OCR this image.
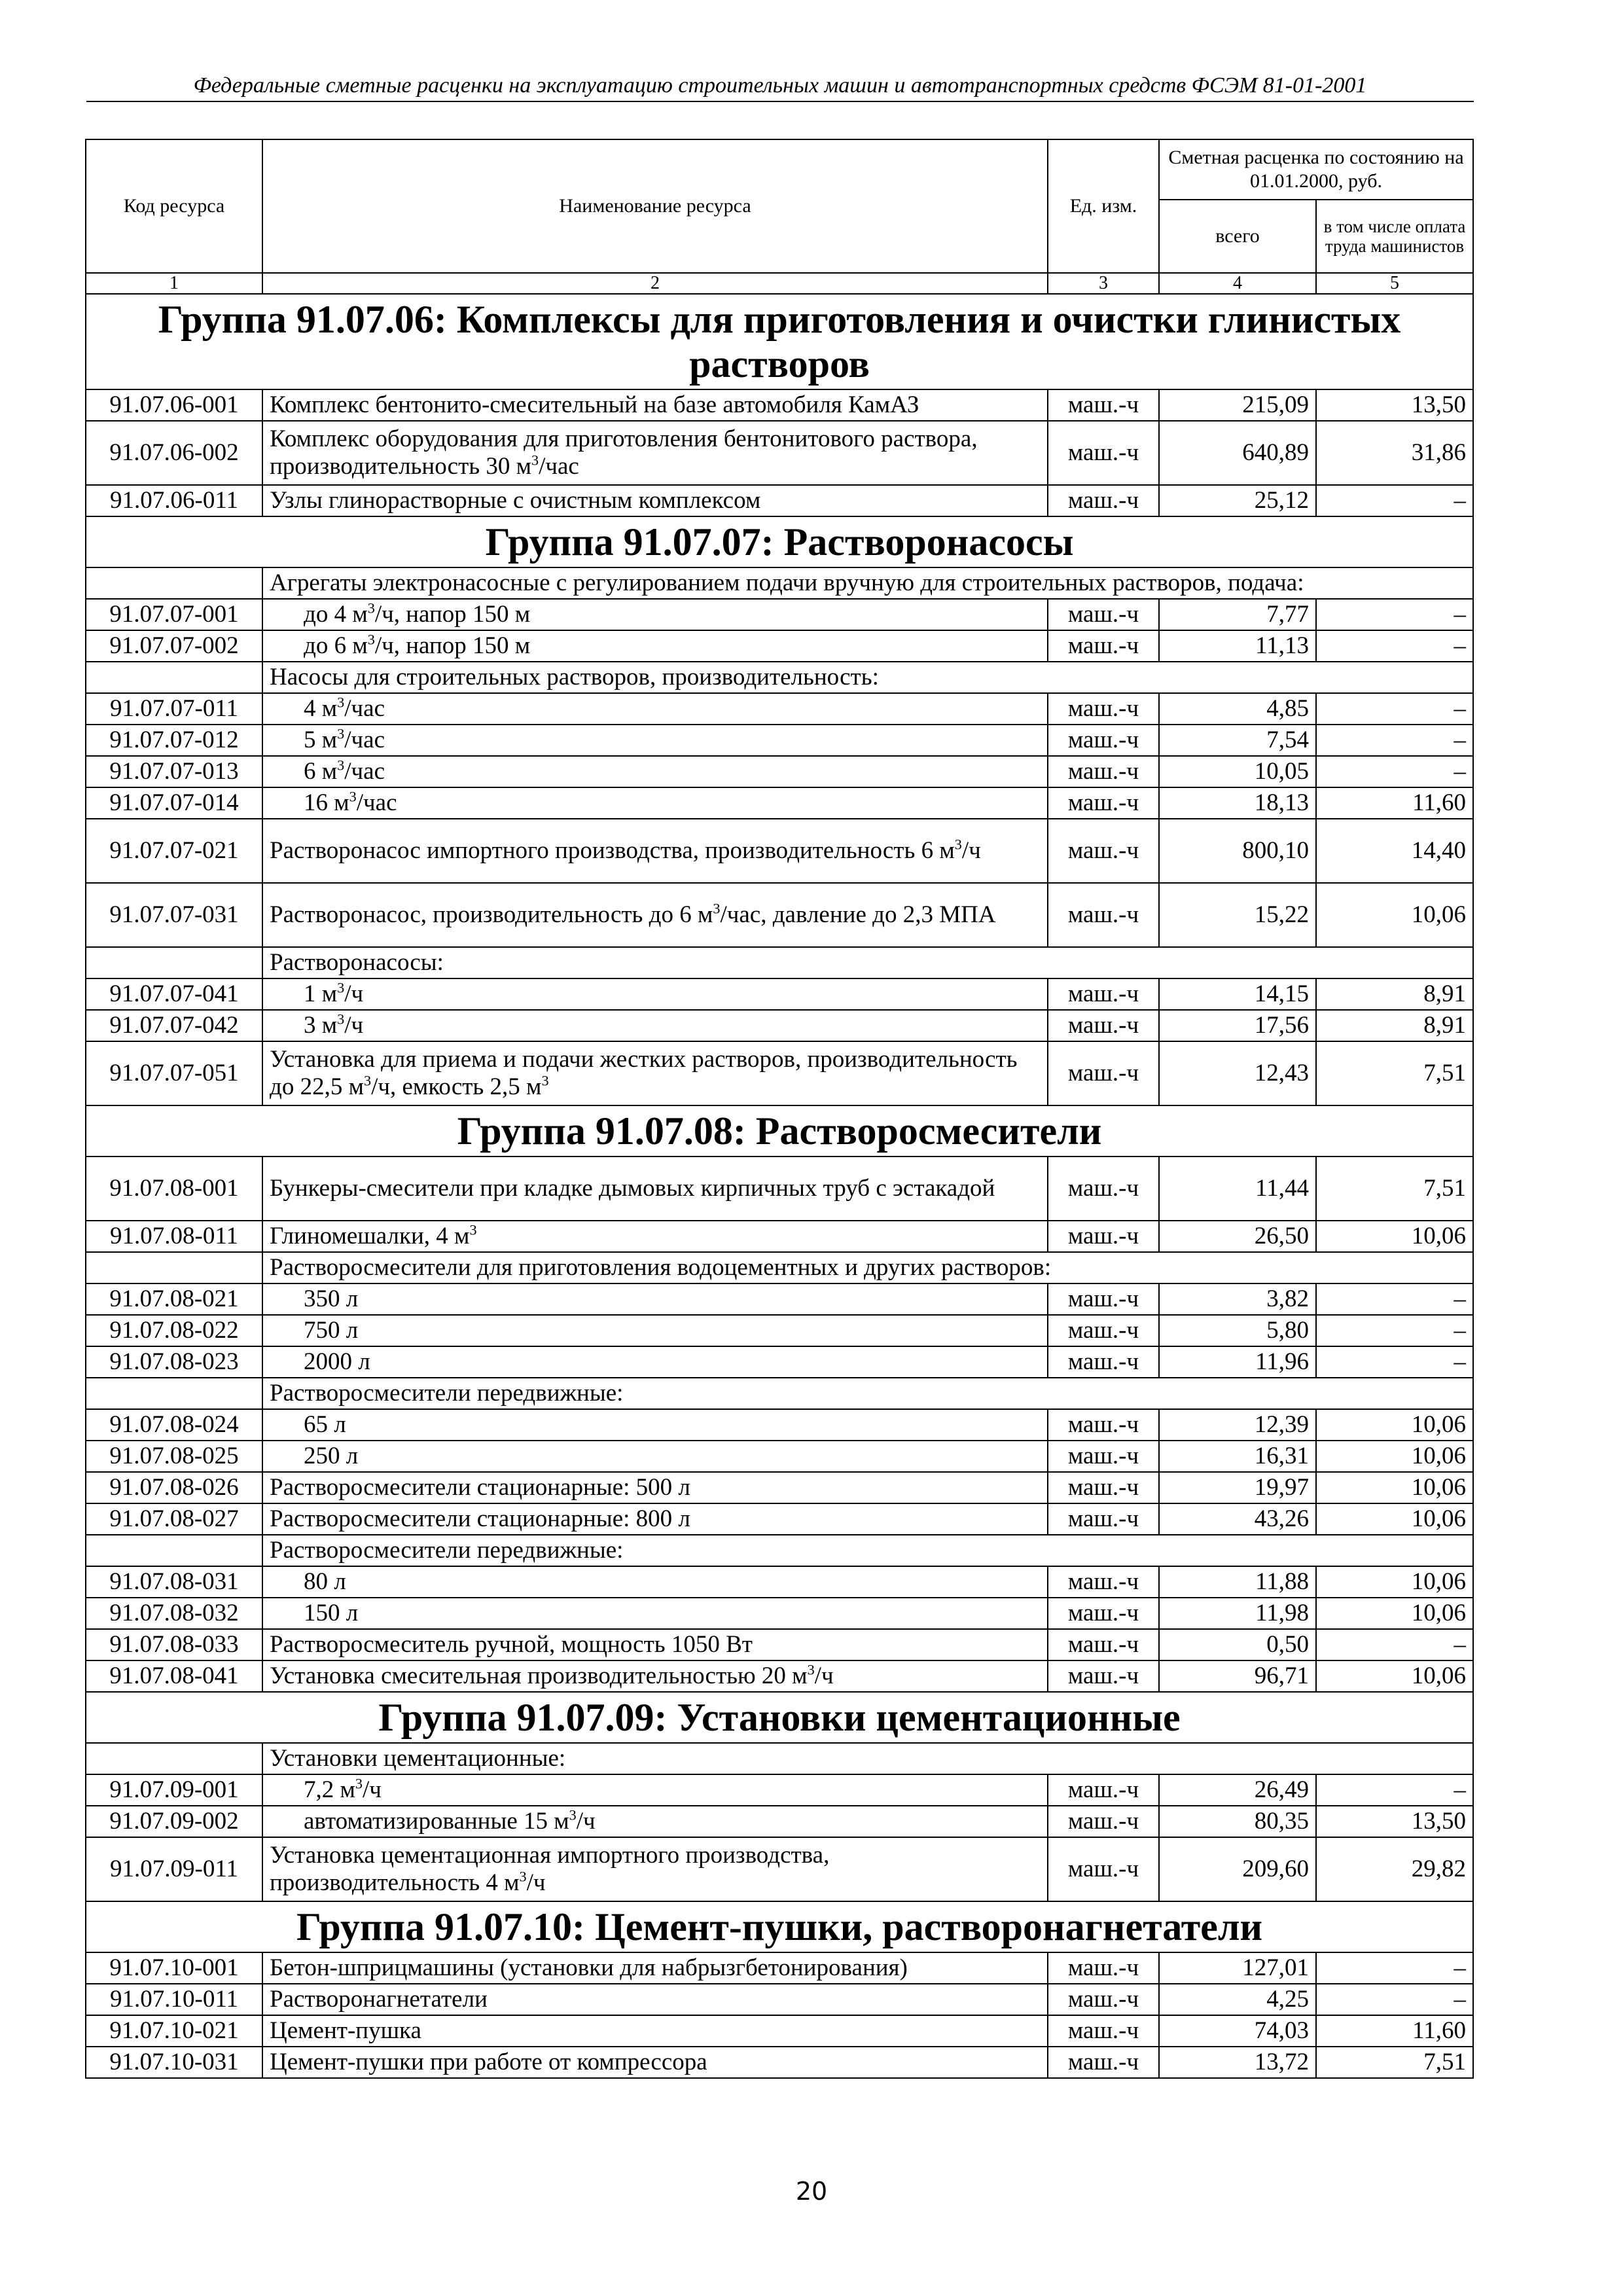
Федеральные сметные расценки на эксплуатацию строительных машин и автотранспортных средств ФСЭМ 81-01-2001
Код ресурса	Наименование ресурса	Ед. изм.	Сметная расценка по состоянию на 01.01.2000, руб.	
			всего	в том числе оплата труда машинистов
1	2	3	4	5
Группа 91.07.06: Комплексы для приготовления и очистки глинистых растворов				
91.07.06-001	Комплекс бентонито-смесительный на базе автомобиля КамАЗ	маш.-ч	215,09	13,50
91.07.06-002	Комплекс оборудования для приготовления бентонитового раствора, производительность 30 $м^3$/час	маш.-ч	640,89	31,86
91.07.06-011	Узлы глинорастворные с очистным комплексом	маш.-ч	25,12	–
Группа 91.07.07: Растворонасосы				
	Агрегаты электронасосные с регулированием подачи вручную для строительных растворов, подача:			
91.07.07-001	до 4 $м^3/ч$, напор 150 м	маш.-ч	7,77	–
91.07.07-002	до 6 $м^3/ч$, напор 150 м	маш.-ч	11,13	–
	Насосы для строительных растворов, производительность:			
91.07.07-011	4 $м^3$/час	маш.-ч	4,85	–
91.07.07-012	5 $м^3$/час	маш.-ч	7,54	–
91.07.07-013	6 $м^3$/час	маш.-ч	10,05	–
91.07.07-014	16 $м^3$/час	маш.-ч	18,13	11,60
91.07.07-021	Растворонасос импортного производства, производительность 6 $м^3/ч$	маш.-ч	800,10	14,40
91.07.07-031	Растворонасос, производительность до 6 $м^3$/час, давление до 2,3 МПА	маш.-ч	15,22	10,06
	Растворонасосы:			
91.07.07-041	1 $м^3/ч$	маш.-ч	14,15	8,91
91.07.07-042	3 $м^3/ч$	маш.-ч	17,56	8,91
91.07.07-051	Установка для приема и подачи жестких растворов, производительность до 22,5 $м^3/ч$, емкость 2,5 $м^3$	маш.-ч	12,43	7,51
Группа 91.07.08: Растворосмесители				
91.07.08-001	Бункеры-смесители при кладке дымовых кирпичных труб с эстакадой	маш.-ч	11,44	7,51
91.07.08-011	Глиномешалки, 4 $м^3$	маш.-ч	26,50	10,06
	Растворосмесители для приготовления водоцементных и других растворов:			
91.07.08-021	350 л	маш.-ч	3,82	–
91.07.08-022	750 л	маш.-ч	5,80	–
91.07.08-023	2000 л	маш.-ч	11,96	–
	Растворосмесители передвижные:			
91.07.08-024	65 л	маш.-ч	12,39	10,06
91.07.08-025	250 л	маш.-ч	16,31	10,06
91.07.08-026	Растворосмесители стационарные: 500 л	маш.-ч	19,97	10,06
91.07.08-027	Растворосмесители стационарные: 800 л	маш.-ч	43,26	10,06
	Растворосмесители передвижные:			
91.07.08-031	80 л	маш.-ч	11,88	10,06
91.07.08-032	150 л	маш.-ч	11,98	10,06
91.07.08-033	Растворосмеситель ручной, мощность 1050 Вт	маш.-ч	0,50	–
91.07.08-041	Установка смесительная производительностью 20 $м^3/ч$	маш.-ч	96,71	10,06
Группа 91.07.09: Установки цементационные				
	Установки цементационные:			
91.07.09-001	7,2 $м^3/ч$	маш.-ч	26,49	–
91.07.09-002	автоматизированные 15 $м^3/ч$	маш.-ч	80,35	13,50
91.07.09-011	Установка цементационная импортного производства, производительность 4 $м^3/ч$	маш.-ч	209,60	29,82
Группа 91.07.10: Цемент-пушки, растворонагнетатели				
91.07.10-001	Бетон-шприцмашины (установки для набрызгбетонирования)	маш.-ч	127,01	–
91.07.10-011	Растворонагнетатели	маш.-ч	4,25	–
91.07.10-021	Цемент-пушка	маш.-ч	74,03	11,60
91.07.10-031	Цемент-пушки при работе от компрессора	маш.-ч	13,72	7,51
20
